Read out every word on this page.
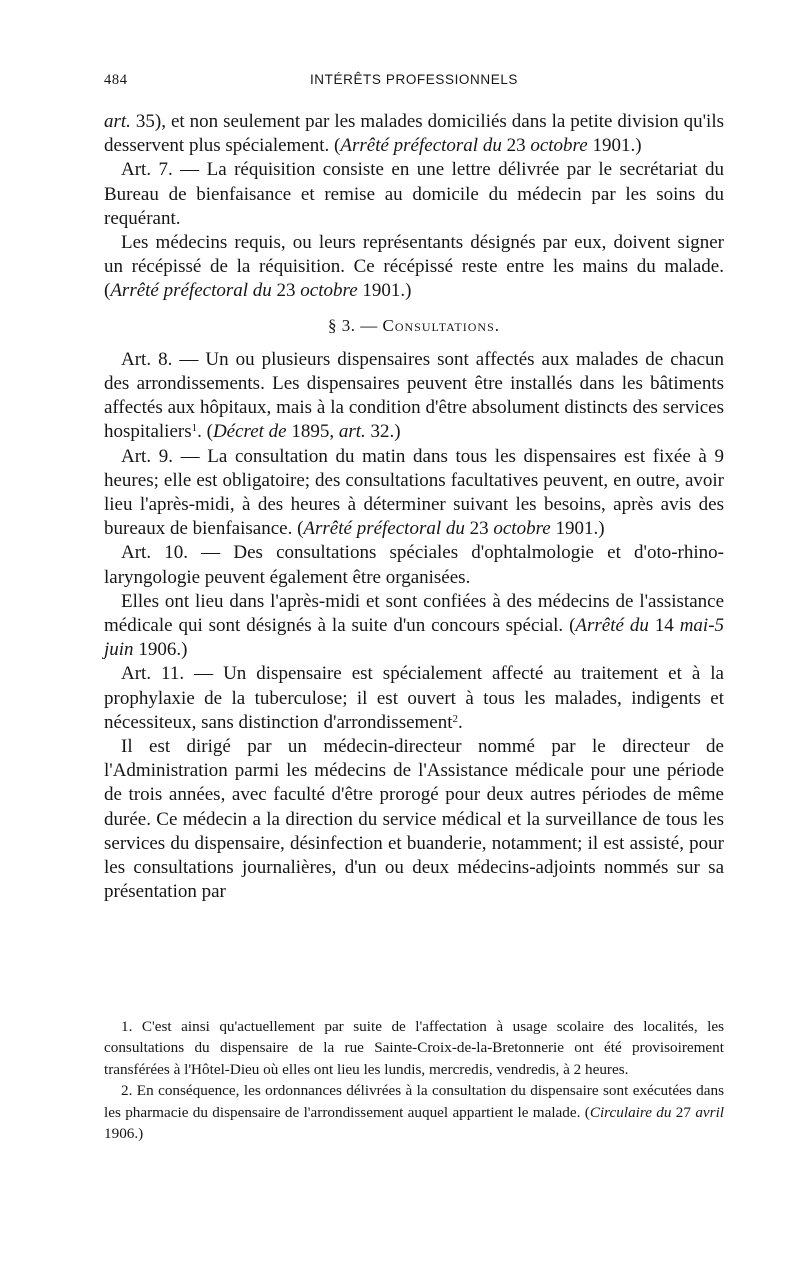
484	INTÉRÊTS PROFESSIONNELS

art. 35), et non seulement par les malades domiciliés dans la petite division qu'ils desservent plus spécialement. (Arrêté préfectoral du 23 octobre 1901.)

Art. 7. — La réquisition consiste en une lettre délivrée par le secrétariat du Bureau de bienfaisance et remise au domicile du médecin par les soins du requérant.

Les médecins requis, ou leurs représentants désignés par eux, doivent signer un récépissé de la réquisition. Ce récépissé reste entre les mains du malade. (Arrêté préfectoral du 23 octobre 1901.)

§ 3. — Consultations.

Art. 8. — Un ou plusieurs dispensaires sont affectés aux malades de chacun des arrondissements. Les dispensaires peuvent être installés dans les bâtiments affectés aux hôpitaux, mais à la condition d'être absolument distincts des services hospitaliers$^1$. (Décret de 1895, art. 32.)

Art. 9. — La consultation du matin dans tous les dispensaires est fixée à 9 heures; elle est obligatoire; des consultations facultatives peuvent, en outre, avoir lieu l'après-midi, à des heures à déterminer suivant les besoins, après avis des bureaux de bienfaisance. (Arrêté préfectoral du 23 octobre 1901.)

Art. 10. — Des consultations spéciales d'ophtalmologie et d'oto-rhino-laryngologie peuvent également être organisées.

Elles ont lieu dans l'après-midi et sont confiées à des médecins de l'assistance médicale qui sont désignés à la suite d'un concours spécial. (Arrêté du 14 mai-5 juin 1906.)

Art. 11. — Un dispensaire est spécialement affecté au traitement et à la prophylaxie de la tuberculose; il est ouvert à tous les malades, indigents et nécessiteux, sans distinction d'arrondissement$^2$.

Il est dirigé par un médecin-directeur nommé par le directeur de l'Administration parmi les médecins de l'Assistance médicale pour une période de trois années, avec faculté d'être prorogé pour deux autres périodes de même durée. Ce médecin a la direction du service médical et la surveillance de tous les services du dispensaire, désinfection et buanderie, notamment; il est assisté, pour les consultations journalières, d'un ou deux médecins-adjoints nommés sur sa présentation par

1. C'est ainsi qu'actuellement par suite de l'affectation à usage scolaire des localités, les consultations du dispensaire de la rue Sainte-Croix-de-la-Bretonnerie ont été provisoirement transférées à l'Hôtel-Dieu où elles ont lieu les lundis, mercredis, vendredis, à 2 heures.

2. En conséquence, les ordonnances délivrées à la consultation du dispensaire sont exécutées dans les pharmacie du dispensaire de l'arrondissement auquel appartient le malade. (Circulaire du 27 avril 1906.)
